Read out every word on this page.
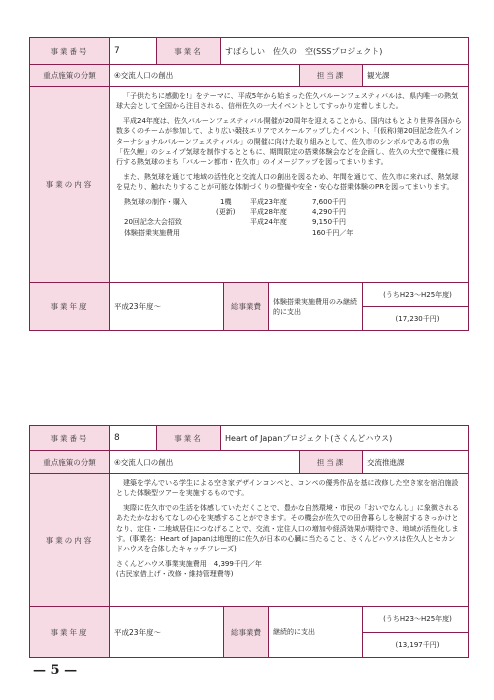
事業番号	7	事業名	すばらしい　佐久の　空(SSSプロジェクト)
重点施策の分類	④交流人口の創出	担当課	観光課
事業の内容

「子供たちに感動を!」をテーマに、平成5年から始まった佐久バルーンフェスティバルは、県内唯一の熱気球大会として全国から注目される、信州佐久の一大イベントとしてすっかり定着しました。

平成24年度は、佐久バルーンフェスティバル開催が20周年を迎えることから、国内はもとより世界各国から数多くのチームが参加して、より広い競技エリアでスケールアップしたイベント、「(仮称)第20回記念佐久インターナショナルバルーンフェスティバル」の開催に向けた取り組みとして、佐久市のシンボルである市の魚「佐久鯉」のシェイプ気球を制作するとともに、期間限定の搭乗体験会などを企画し、佐久の大空で優雅に飛行する熱気球のまち「バルーン都市・佐久市」のイメージアップを図ってまいります。

また、熱気球を通じて地域の活性化と交流人口の創出を図るため、年間を通じて、佐久市に来れば、熱気球を見たり、触れたりすることが可能な体制づくりの整備や安全・安心な搭乗体験のPRを図ってまいります。

熱気球の制作・購入	1機	平成23年度	7,600千円
(更新)	平成28年度	4,290千円
20回記念大会招致	平成24年度	9,150千円
体験搭乗実施費用	160千円／年
事業年度	平成23年度〜	総事業費
体験搭乗実施費用のみ継続的に支出
(うちH23〜H25年度)
(17,230千円)
事業番号	8	事業名	Heart of Japanプロジェクト(さくんどハウス)
重点施策の分類	④交流人口の創出	担当課	交流推進課
事業の内容

建築を学んでいる学生による空き家デザインコンペと、コンペの優秀作品を基に改修した空き家を宿泊施設とした体験型ツアーを実施するものです。

実際に佐久市での生活を体感していただくことで、豊かな自然環境・市民の「おいでなんし」に象徴されるあたたかなおもてなしの心を実感することができます。その機会が佐久での田舎暮らしを検討するきっかけとなり、定住・二地域居住につなげることで、交流・定住人口の増加や経済効果が期待でき、地域が活性化します。(事業名：Heart of Japanは地理的に佐久が日本の心臓に当たること、さくんどハウスは佐久人とセカンドハウスを合体したキャッチフレーズ)

さくんどハウス事業実施費用　4,399千円／年
(古民家借上げ・改修・維持管理費等)
事業年度	平成23年度〜	総事業費	継続的に支出
(うちH23〜H25年度)
(13,197千円)
— 5 —
